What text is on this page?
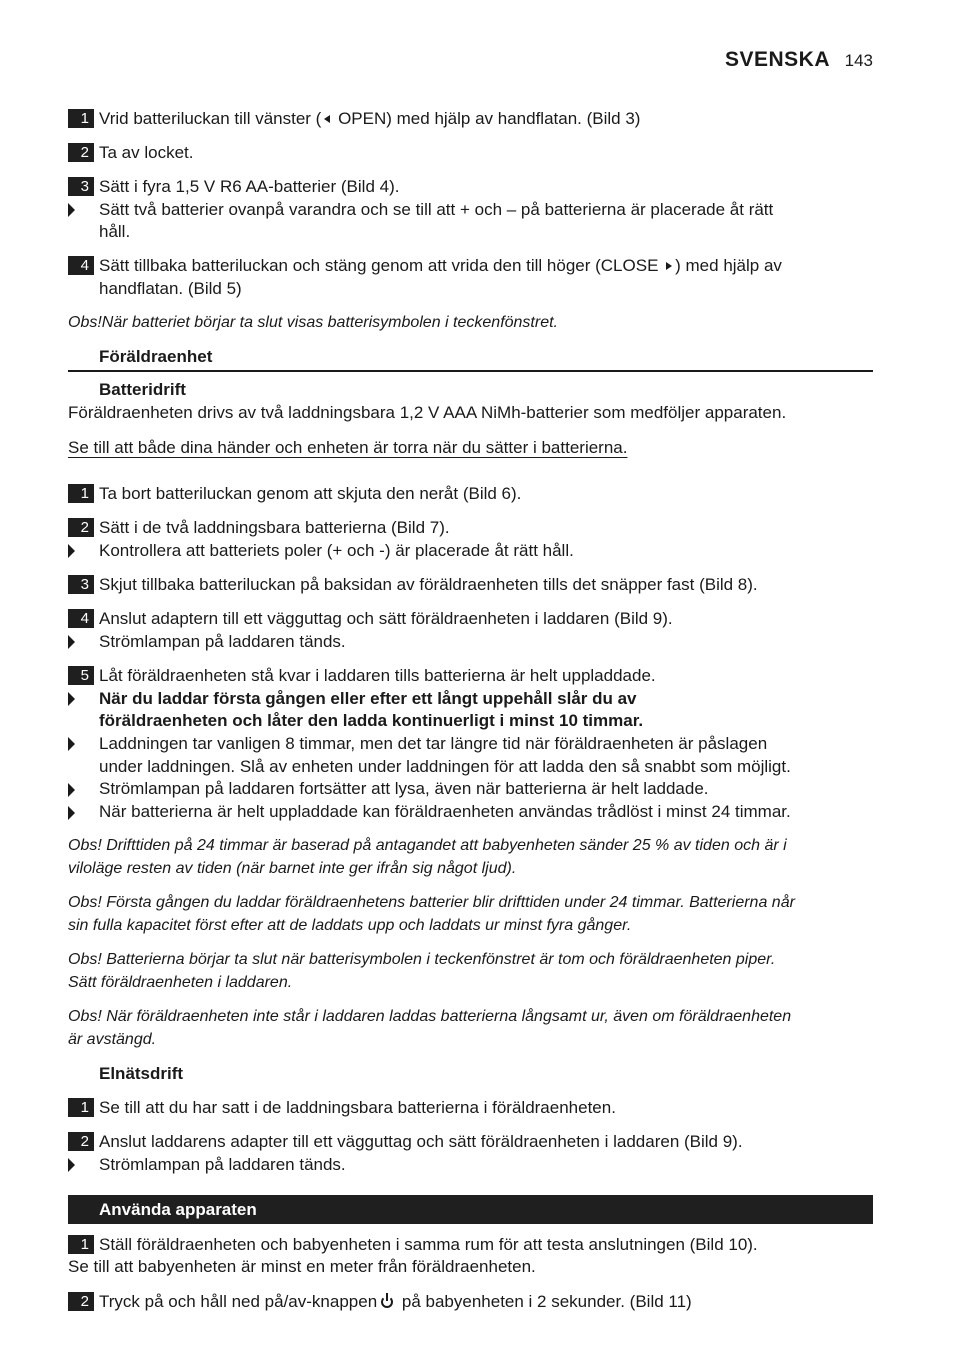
SVENSKA 143
1 Vrid batteriluckan till vänster ( OPEN) med hjälp av handflatan. (Bild 3)
2 Ta av locket.
3 Sätt i fyra 1,5 V R6 AA-batterier (Bild 4).
Sätt två batterier ovanpå varandra och se till att + och – på batterierna är placerade åt rätt
håll.
4 Sätt tillbaka batteriluckan och stäng genom att vrida den till höger (CLOSE ) med hjälp av
handflatan. (Bild 5)
Obs!När batteriet börjar ta slut visas batterisymbolen i teckenfönstret.
Föräldraenhet
Batteridrift
Föräldraenheten drivs av två laddningsbara 1,2 V AAA NiMh-batterier som medföljer apparaten.
Se till att både dina händer och enheten är torra när du sätter i batterierna.
1 Ta bort batteriluckan genom att skjuta den neråt (Bild 6).
2 Sätt i de två laddningsbara batterierna (Bild 7).
Kontrollera att batteriets poler (+ och -) är placerade åt rätt håll.
3 Skjut tillbaka batteriluckan på baksidan av föräldraenheten tills det snäpper fast (Bild 8).
4 Anslut adaptern till ett vägguttag och sätt föräldraenheten i laddaren (Bild 9).
Strömlampan på laddaren tänds.
5 Låt föräldraenheten stå kvar i laddaren tills batterierna är helt uppladdade.
När du laddar första gången eller efter ett långt uppehåll slår du av
föräldraenheten och låter den ladda kontinuerligt i minst 10 timmar.
Laddningen tar vanligen 8 timmar, men det tar längre tid när föräldraenheten är påslagen
under laddningen. Slå av enheten under laddningen för att ladda den så snabbt som möjligt.
Strömlampan på laddaren fortsätter att lysa, även när batterierna är helt laddade.
När batterierna är helt uppladdade kan föräldraenheten användas trådlöst i minst 24 timmar.
Obs! Drifttiden på 24 timmar är baserad på antagandet att babyenheten sänder 25 % av tiden och är i
viloläge resten av tiden (när barnet inte ger ifrån sig något ljud).
Obs! Första gången du laddar föräldraenhetens batterier blir drifttiden under 24 timmar. Batterierna når
sin fulla kapacitet först efter att de laddats upp och laddats ur minst fyra gånger.
Obs! Batterierna börjar ta slut när batterisymbolen i teckenfönstret är tom och föräldraenheten piper.
Sätt föräldraenheten i laddaren.
Obs! När föräldraenheten inte står i laddaren laddas batterierna långsamt ur, även om föräldraenheten
är avstängd.
Elnätsdrift
1 Se till att du har satt i de laddningsbara batterierna i föräldraenheten.
2 Anslut laddarens adapter till ett vägguttag och sätt föräldraenheten i laddaren (Bild 9).
Strömlampan på laddaren tänds.
Använda apparaten
1 Ställ föräldraenheten och babyenheten i samma rum för att testa anslutningen (Bild 10).
Se till att babyenheten är minst en meter från föräldraenheten.
2 Tryck på och håll ned på/av-knappen på babyenheten i 2 sekunder. (Bild 11)
